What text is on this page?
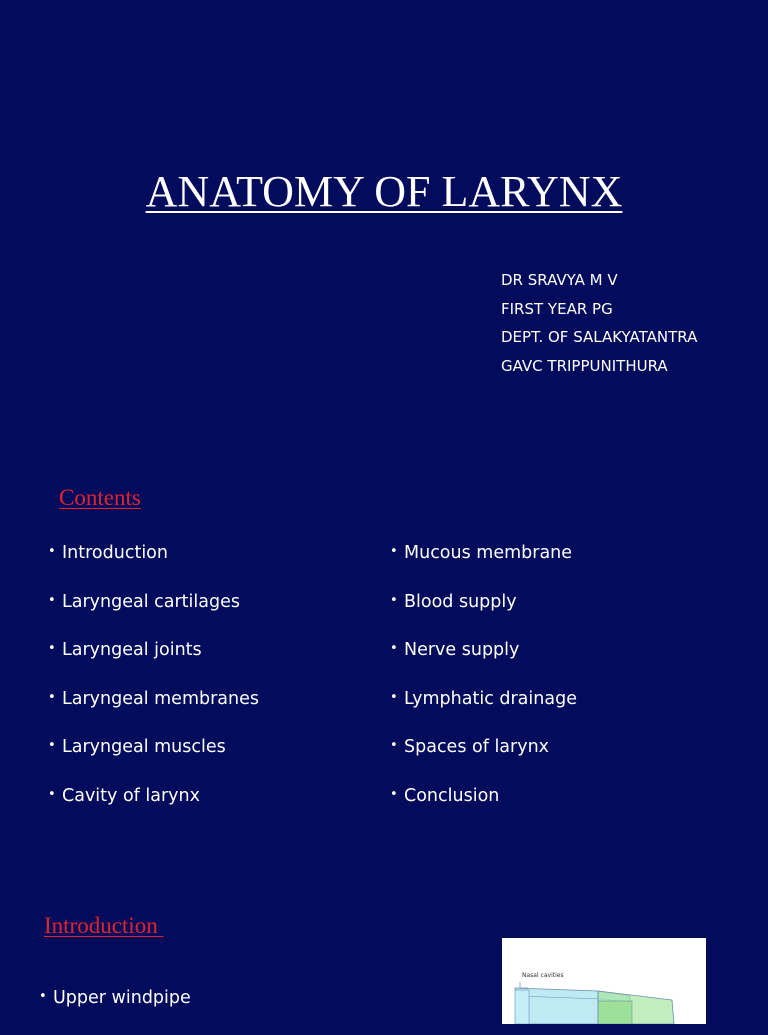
ANATOMY OF LARYNX
DR SRAVYA M V
FIRST YEAR PG
DEPT. OF SALAKYATANTRA
GAVC TRIPPUNITHURA
Contents
• Introduction
• Laryngeal cartilages
• Laryngeal joints
• Laryngeal membranes
• Laryngeal muscles
• Cavity of larynx
• Mucous membrane
• Blood supply
• Nerve supply
• Lymphatic drainage
• Spaces of larynx
• Conclusion
Introduction
• Upper windpipe
Nasal cavities
